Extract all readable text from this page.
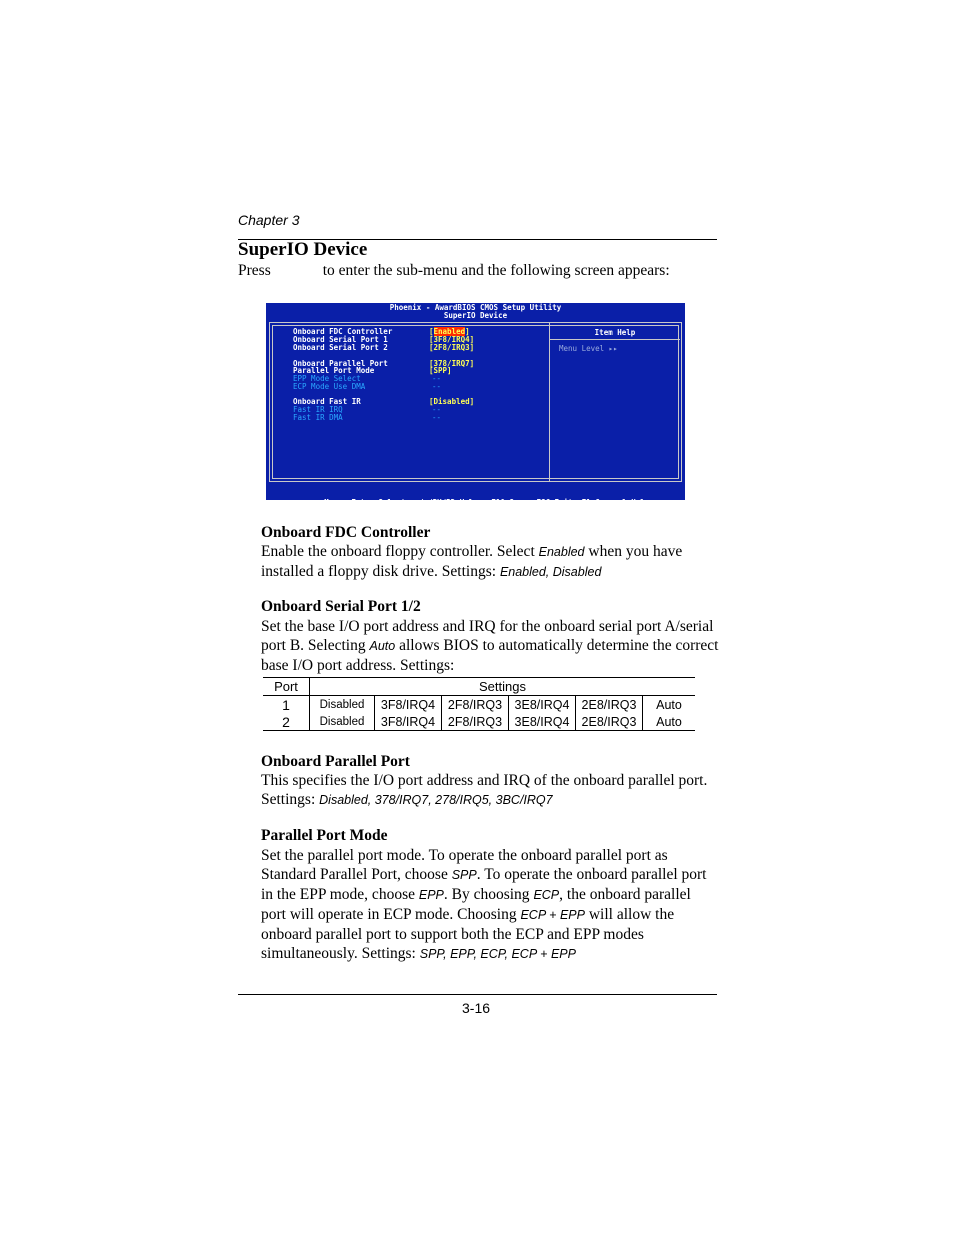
Chapter 3
SuperIO Device
Press	to enter the sub-menu and the following screen appears:
Phoenix - AwardBIOS CMOS Setup Utility
SuperIO Device
Onboard FDC Controller	[Enabled]
Onboard Serial Port 1	[3F8/IRQ4]
Onboard Serial Port 2	[2F8/IRQ3]
Onboard Parallel Port	[378/IRQ7]
Parallel Port Mode	[SPP]
EPP Mode Select	--
ECP Mode Use DMA	--
Onboard Fast IR	[Disabled]
Fast IR IRQ	--
Fast IR DMA	--
Item Help
Menu Level ▸▸

↑↓→←:Move  Enter:Select  +/-/PU/PD:Value  F10:Save  ESC:Exit  F1:General Help

F5: Previous Values   F6: Fail-Safe Defaults   F7: Optimized Defaults

Onboard FDC Controller
Enable the onboard floppy controller. Select Enabled when you have installed a floppy disk drive. Settings: Enabled, Disabled
Onboard Serial Port 1/2
Set the base I/O port address and IRQ for the onboard serial port A/serial port B. Selecting Auto allows BIOS to automatically determine the correct base I/O port address. Settings:
Port	Settings					
1	Disabled	3F8/IRQ4	2F8/IRQ3	3E8/IRQ4	2E8/IRQ3	Auto
2	Disabled	3F8/IRQ4	2F8/IRQ3	3E8/IRQ4	2E8/IRQ3	Auto
Onboard Parallel Port
This specifies the I/O port address and IRQ of the onboard parallel port. Settings: Disabled, 378/IRQ7, 278/IRQ5, 3BC/IRQ7
Parallel Port Mode
Set the parallel port mode. To operate the onboard parallel port as Standard Parallel Port, choose SPP. To operate the onboard parallel port in the EPP mode, choose EPP. By choosing ECP, the onboard parallel port will operate in ECP mode. Choosing ECP + EPP will allow the onboard parallel port to support both the ECP and EPP modes simultaneously. Settings: SPP, EPP, ECP, ECP + EPP
3-16
